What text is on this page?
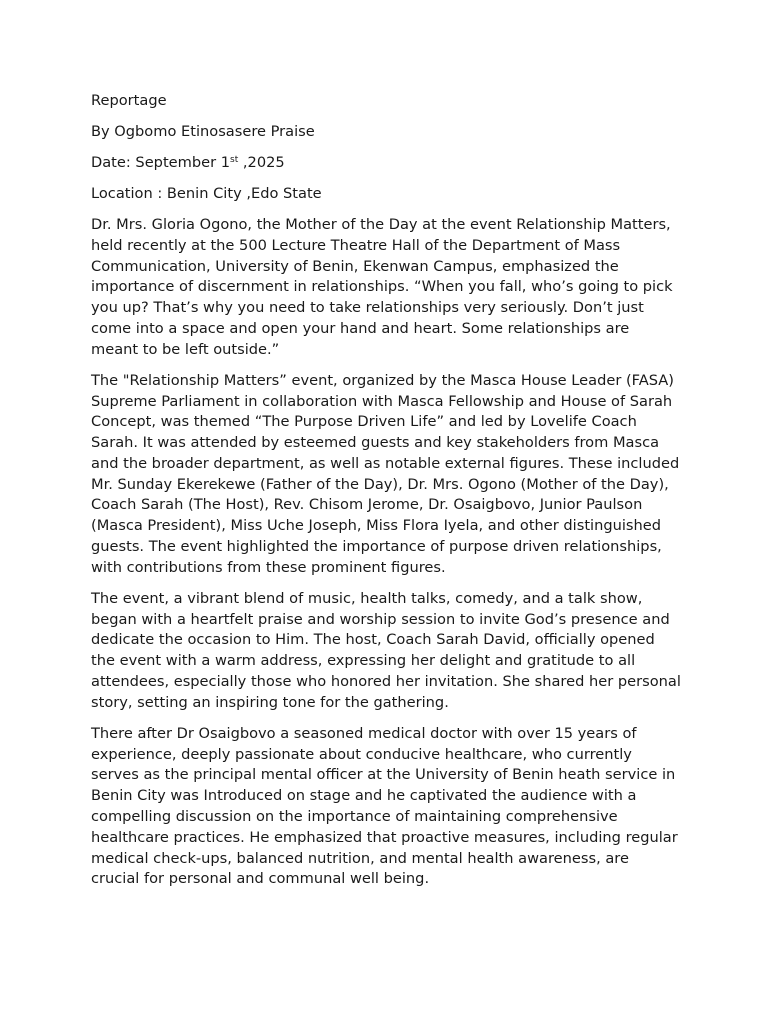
Reportage

By Ogbomo Etinosasere Praise

Date: September 1st ,2025

Location : Benin City ,Edo State

Dr. Mrs. Gloria Ogono, the Mother of the Day at the event Relationship Matters, held recently at the 500 Lecture Theatre Hall of the Department of Mass Communication, University of Benin, Ekenwan Campus, emphasized the importance of discernment in relationships. “When you fall, who’s going to pick you up? That’s why you need to take relationships very seriously. Don’t just come into a space and open your hand and heart. Some relationships are meant to be left outside.”

The "Relationship Matters” event, organized by the Masca House Leader (FASA) Supreme Parliament in collaboration with Masca Fellowship and House of Sarah Concept, was themed “The Purpose Driven Life” and led by Lovelife Coach Sarah. It was attended by esteemed guests and key stakeholders from Masca and the broader department, as well as notable external figures. These included Mr. Sunday Ekerekewe (Father of the Day), Dr. Mrs. Ogono (Mother of the Day), Coach Sarah (The Host), Rev. Chisom Jerome, Dr. Osaigbovo, Junior Paulson (Masca President), Miss Uche Joseph, Miss Flora Iyela, and other distinguished guests. The event highlighted the importance of purpose driven relationships, with contributions from these prominent figures.

The event, a vibrant blend of music, health talks, comedy, and a talk show, began with a heartfelt praise and worship session to invite God’s presence and dedicate the occasion to Him. The host, Coach Sarah David, officially opened the event with a warm address, expressing her delight and gratitude to all attendees, especially those who honored her invitation. She shared her personal story, setting an inspiring tone for the gathering.

There after Dr Osaigbovo a seasoned medical doctor with over 15 years of experience, deeply passionate about conducive healthcare, who currently serves as the principal mental officer at the University of Benin heath service in Benin City was Introduced on stage and he captivated the audience with a compelling discussion on the importance of maintaining comprehensive healthcare practices. He emphasized that proactive measures, including regular medical check-ups, balanced nutrition, and mental health awareness, are crucial for personal and communal well being.
